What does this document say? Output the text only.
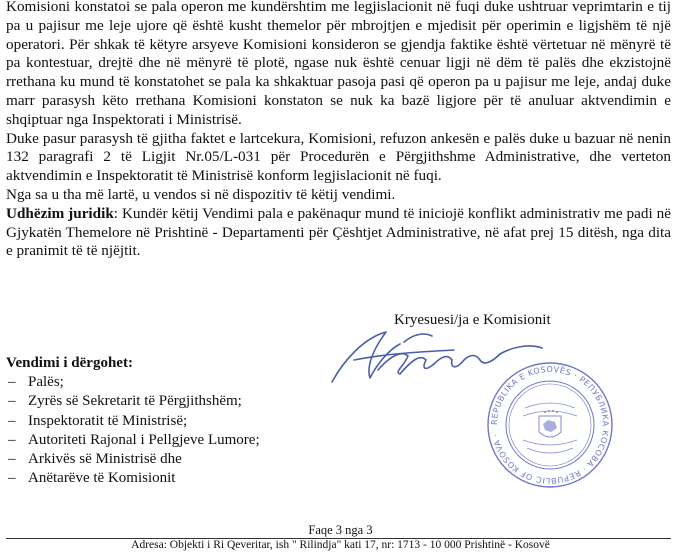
Komisioni konstatoi se pala operon me kundërshtim me legjislacionit në fuqi duke ushtruar veprimtarin e tij pa u pajisur me leje ujore që është kusht themelor për mbrojtjen e mjedisit për operimin e ligjshëm të një operatori. Për shkak të këtyre arsyeve Komisioni konsideron se gjendja faktike është vërtetuar në mënyrë të pa kontestuar, drejtë dhe në mënyrë të plotë, ngase nuk është cenuar ligji në dëm të palës dhe ekzistojnë rrethana ku mund të konstatohet se pala ka shkaktuar pasoja pasi që operon pa u pajisur me leje, andaj duke marr parasysh këto rrethana Komisioni konstaton se nuk ka bazë ligjore për të anuluar aktvendimin e shqiptuar nga Inspektorati i Ministrisë.

Duke pasur parasysh të gjitha faktet e lartcekura, Komisioni, refuzon ankesën e palës duke u bazuar në nenin 132 paragrafi 2 të Ligjit Nr.05/L-031 për Procedurën e Përgjithshme Administrative, dhe verteton aktvendimin e Inspektoratit të Ministrisë konform legjislacionit në fuqi.

Nga sa u tha më lartë, u vendos si në dispozitiv të këtij vendimi.

Udhëzim juridik: Kundër këtij Vendimi pala e pakënaqur mund të iniciojë konflikt administrativ me padi në Gjykatën Themelore në Prishtinë - Departamenti për Çështjet Administrative, në afat prej 15 ditësh, nga dita e pranimit të të njëjtit.

Kryesuesi/ja e Komisionit
REPUBLIKA E KOSOVËS · РЕПУБЛИКА КОСОВА · REPUBLIC OF KOSOVA ·
Vendimi i dërgohet:
– Palës;
– Zyrës së Sekretarit të Përgjithshëm;
– Inspektoratit të Ministrisë;
– Autoriteti Rajonal i Pellgjeve Lumore;
– Arkivës së Ministrisë dhe
– Anëtarëve të Komisionit
Faqe 3 nga 3
Adresa: Objekti i Ri Qeveritar, ish " Rilindja" kati 17, nr: 1713 - 10 000 Prishtinë - Kosovë
